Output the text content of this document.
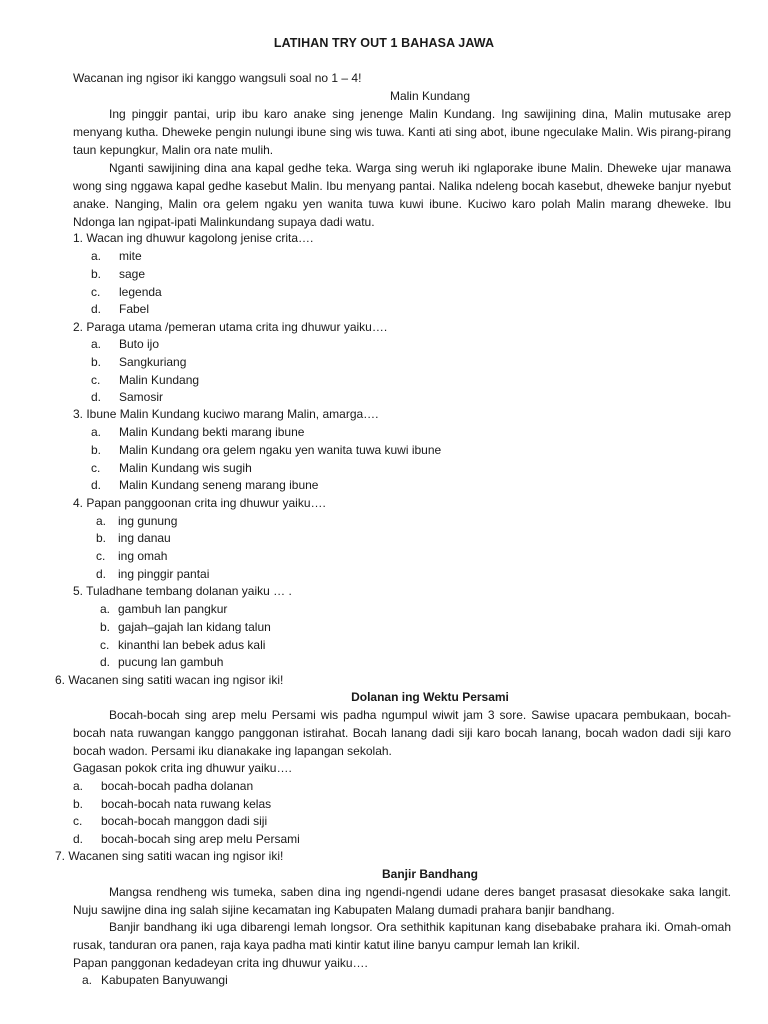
LATIHAN TRY OUT 1 BAHASA JAWA
Wacanan ing ngisor iki kanggo wangsuli soal no 1 – 4!
Malin Kundang
Ing pinggir pantai, urip ibu karo anake sing jenenge Malin Kundang. Ing sawijining dina, Malin mutusake arep menyang kutha. Dheweke pengin nulungi ibune sing wis tuwa. Kanti ati sing abot, ibune ngeculake Malin. Wis pirang-pirang taun kepungkur, Malin ora nate mulih.
Nganti sawijining dina ana kapal gedhe teka. Warga sing weruh iki nglaporake ibune Malin. Dheweke ujar manawa wong sing nggawa kapal gedhe kasebut Malin. Ibu menyang pantai. Nalika ndeleng bocah kasebut, dheweke banjur nyebut anake. Nanging, Malin ora gelem ngaku yen wanita tuwa kuwi ibune. Kuciwo karo polah Malin marang dheweke. Ibu Ndonga lan ngipat-ipati Malinkundang supaya dadi watu.
1. Wacan ing dhuwur kagolong jenise crita….
a. mite
b. sage
c. legenda
d. Fabel
2. Paraga utama /pemeran utama crita ing dhuwur yaiku….
a. Buto ijo
b. Sangkuriang
c. Malin Kundang
d. Samosir
3. Ibune Malin Kundang kuciwo marang Malin, amarga….
a. Malin Kundang bekti marang ibune
b. Malin Kundang ora gelem ngaku yen wanita tuwa kuwi ibune
c. Malin Kundang wis sugih
d. Malin Kundang seneng marang ibune
4. Papan panggoonan crita ing dhuwur yaiku….
a. ing gunung
b. ing danau
c. ing omah
d. ing pinggir pantai
5. Tuladhane tembang dolanan yaiku … .
a. gambuh lan pangkur
b. gajah–gajah lan kidang talun
c. kinanthi lan bebek adus kali
d. pucung lan gambuh
6. Wacanen sing satiti wacan ing ngisor iki!
Dolanan ing Wektu Persami
Bocah-bocah sing arep melu Persami wis padha ngumpul wiwit jam 3 sore. Sawise upacara pembukaan, bocah-bocah nata ruwangan kanggo panggonan istirahat. Bocah lanang dadi siji karo bocah lanang, bocah wadon dadi siji karo bocah wadon. Persami iku dianakake ing lapangan sekolah.
Gagasan pokok crita ing dhuwur yaiku….
a. bocah-bocah padha dolanan
b. bocah-bocah nata ruwang kelas
c. bocah-bocah manggon dadi siji
d. bocah-bocah sing arep melu Persami
7. Wacanen sing satiti wacan ing ngisor iki!
Banjir Bandhang
Mangsa rendheng wis tumeka, saben dina ing ngendi-ngendi udane deres banget prasasat diesokake saka langit. Nuju sawijne dina ing salah sijine kecamatan ing Kabupaten Malang dumadi prahara banjir bandhang.
Banjir bandhang iki uga dibarengi lemah longsor. Ora sethithik kapitunan kang disebabake prahara iki. Omah-omah rusak, tanduran ora panen, raja kaya padha mati kintir katut iline banyu campur lemah lan krikil.
Papan panggonan kedadeyan crita ing dhuwur yaiku….
a. Kabupaten Banyuwangi
